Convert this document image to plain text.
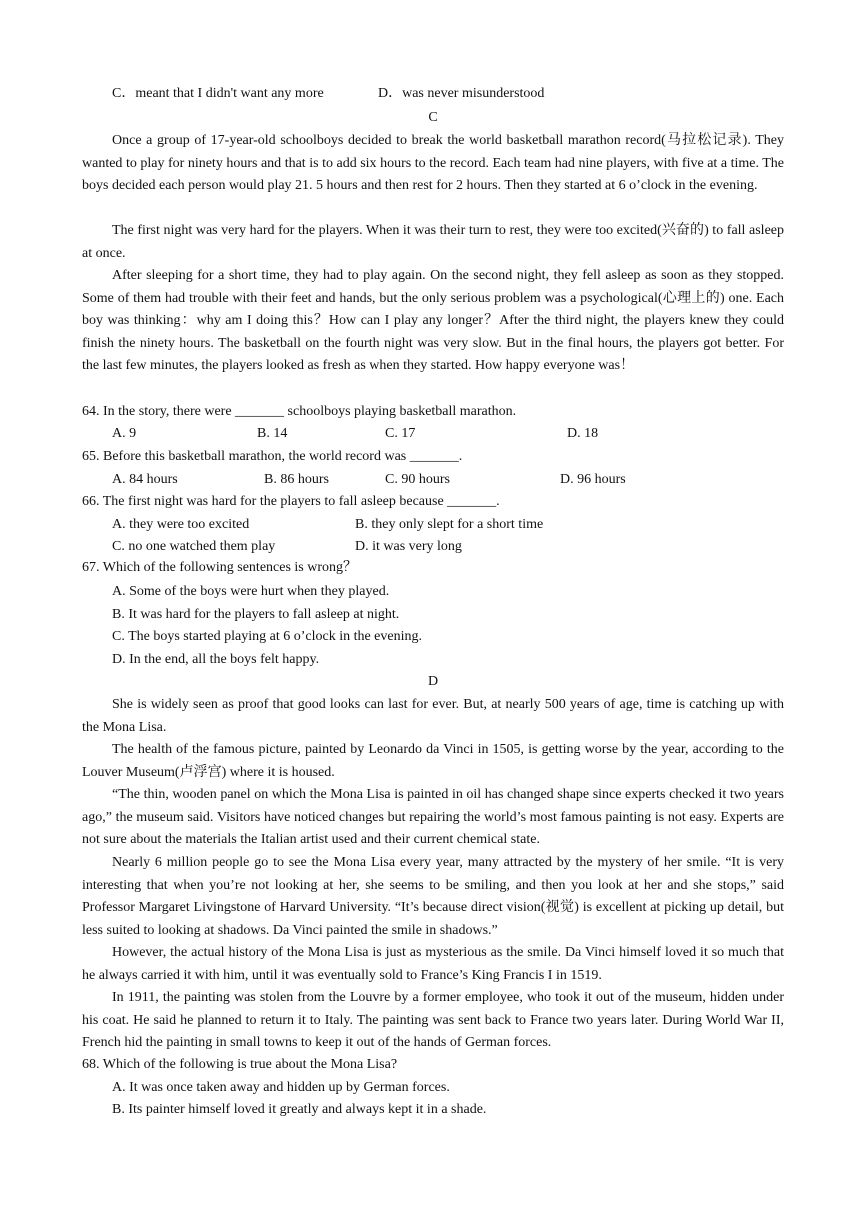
C．meant that I didn't want any more	D．was never misunderstood
C
Once a group of 17-year-old schoolboys decided to break the world basketball marathon record(马拉松记录). They wanted to play for ninety hours and that is to add six hours to the record. Each team had nine players, with five at a time. The boys decided each person would play 21. 5 hours and then rest for 2 hours. Then they started at 6 o’clock in the evening.
The first night was very hard for the players. When it was their turn to rest, they were too excited(兴奋的) to fall asleep at once.
After sleeping for a short time, they had to play again. On the second night, they fell asleep as soon as they stopped. Some of them had trouble with their feet and hands, but the only serious problem was a psychological(心理上的) one. Each boy was thinking：why am I doing this？How can I play any longer？After the third night, the players knew they could finish the ninety hours. The basketball on the fourth night was very slow. But in the final hours, the players got better. For the last few minutes, the players looked as fresh as when they started. How happy everyone was！
64. In the story, there were _______ schoolboys playing basketball marathon.
A. 9	B. 14	C. 17	D. 18
65. Before this basketball marathon, the world record was _______.
A. 84 hours	B. 86 hours	C. 90 hours	D. 96 hours
66. The first night was hard for the players to fall asleep because _______.
A. they were too excited	B. they only slept for a short time
C. no one watched them play	D. it was very long
67. Which of the following sentences is wrong？
A. Some of the boys were hurt when they played.
B. It was hard for the players to fall asleep at night.
C. The boys started playing at 6 o’clock in the evening.
D. In the end, all the boys felt happy.
D
She is widely seen as proof that good looks can last for ever. But, at nearly 500 years of age, time is catching up with the Mona Lisa.
The health of the famous picture, painted by Leonardo da Vinci in 1505, is getting worse by the year, according to the Louver Museum(卢浮宫) where it is housed.
“The thin, wooden panel on which the Mona Lisa is painted in oil has changed shape since experts checked it two years ago,” the museum said. Visitors have noticed changes but repairing the world’s most famous painting is not easy. Experts are not sure about the materials the Italian artist used and their current chemical state.
Nearly 6 million people go to see the Mona Lisa every year, many attracted by the mystery of her smile. “It is very interesting that when you’re not looking at her, she seems to be smiling, and then you look at her and she stops,” said Professor Margaret Livingstone of Harvard University. “It’s because direct vision(视觉) is excellent at picking up detail, but less suited to looking at shadows. Da Vinci painted the smile in shadows.”
However, the actual history of the Mona Lisa is just as mysterious as the smile. Da Vinci himself loved it so much that he always carried it with him, until it was eventually sold to France’s King Francis I in 1519.
In 1911, the painting was stolen from the Louvre by a former employee, who took it out of the museum, hidden under his coat. He said he planned to return it to Italy. The painting was sent back to France two years later. During World War II, French hid the painting in small towns to keep it out of the hands of German forces.
68. Which of the following is true about the Mona Lisa?
A. It was once taken away and hidden up by German forces.
B. Its painter himself loved it greatly and always kept it in a shade.
